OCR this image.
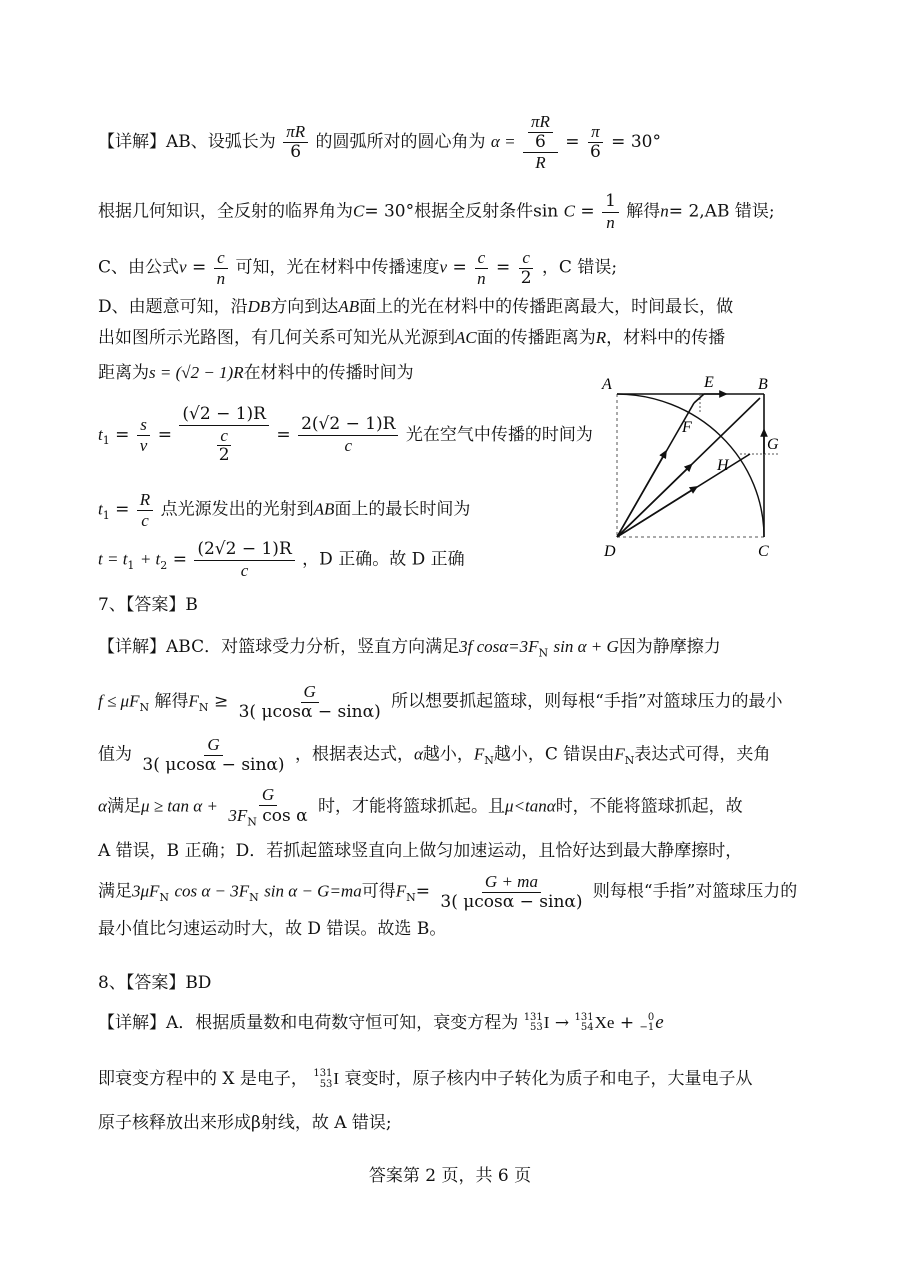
【详解】AB、设弧长为 $\frac{\pi R}{6}$ 的圆弧所对的圆心角为 $\alpha = \frac{\frac{\pi R}{6}}{R} = \frac{\pi}{6} = 30^\circ$
根据几何知识，全反射的临界角为C= 30°根据全反射条件$\sin C = \frac{1}{n}$ 解得n= 2,AB 错误;
C、由公式$v = \frac{c}{n}$ 可知，光在材料中传播速度$v = \frac{c}{n} = \frac{c}{2}$ ，C 错误;
D、由题意可知，沿DB方向到达AB面上的光在材料中的传播距离最大，时间最长，做
出如图所示光路图，有几何关系可知光从光源到AC面的传播距离为R，材料中的传播
距离为s = (√2 − 1)R在材料中的传播时间为
$t_1 = \frac{s}{v} = \frac{(√2 - 1)R}{\frac{c}{2}} = \frac{2(√2 - 1)R}{c}$ 光在空气中传播的时间为
$t_1 = \frac{R}{c}$ 点光源发出的光射到AB面上的最长时间为
$t = t_1 + t_2 = \frac{(2√2 - 1)R}{c}$ ，D 正确。故 D 正确
A	B
C
D
E
F
G
H
7、【答案】B
【详解】ABC．对篮球受力分析，竖直方向满足3f $\cos\alpha=3F_N$ sin α + G因为静摩擦力
$f \le \mu F_N$ 解得$F_N \ge \frac{G}{3( \mu\cos\alpha - \sin\alpha)}$ 所以想要抓起篮球，则每根“手指”对篮球压力的最小
值为 $\frac{G}{3( \mu\cos\alpha - \sin\alpha)}$ ，根据表达式，α越小，$F_N$越小，C 错误由$F_N$表达式可得，夹角
α满足$\mu \ge \tan \alpha + \frac{G}{3F_N \cos \alpha}$ 时，才能将篮球抓起。且μ<tanα时，不能将篮球抓起，故
A 错误，B 正确；D．若抓起篮球竖直向上做匀加速运动，且恰好达到最大静摩擦时，
满足$3\mu F_N$ $\cos \alpha - 3F_N$ sin α − G=ma可得$F_N= \frac{G + ma}{3( \mu\cos\alpha - \sin\alpha)}$ 则每根“手指”对篮球压力的
最小值比匀速运动时大，故 D 错误。故选 B。
8、【答案】BD
【详解】A．根据质量数和电荷数守恒可知，衰变方程为 131
53 I → 131
54 Xe +	0
−1 e
即衰变方程中的 X 是电子， 131
53 I 衰变时，原子核内中子转化为质子和电子，大量电子从
原子核释放出来形成β射线，故 A 错误;
答案第 2 页，共 6 页
